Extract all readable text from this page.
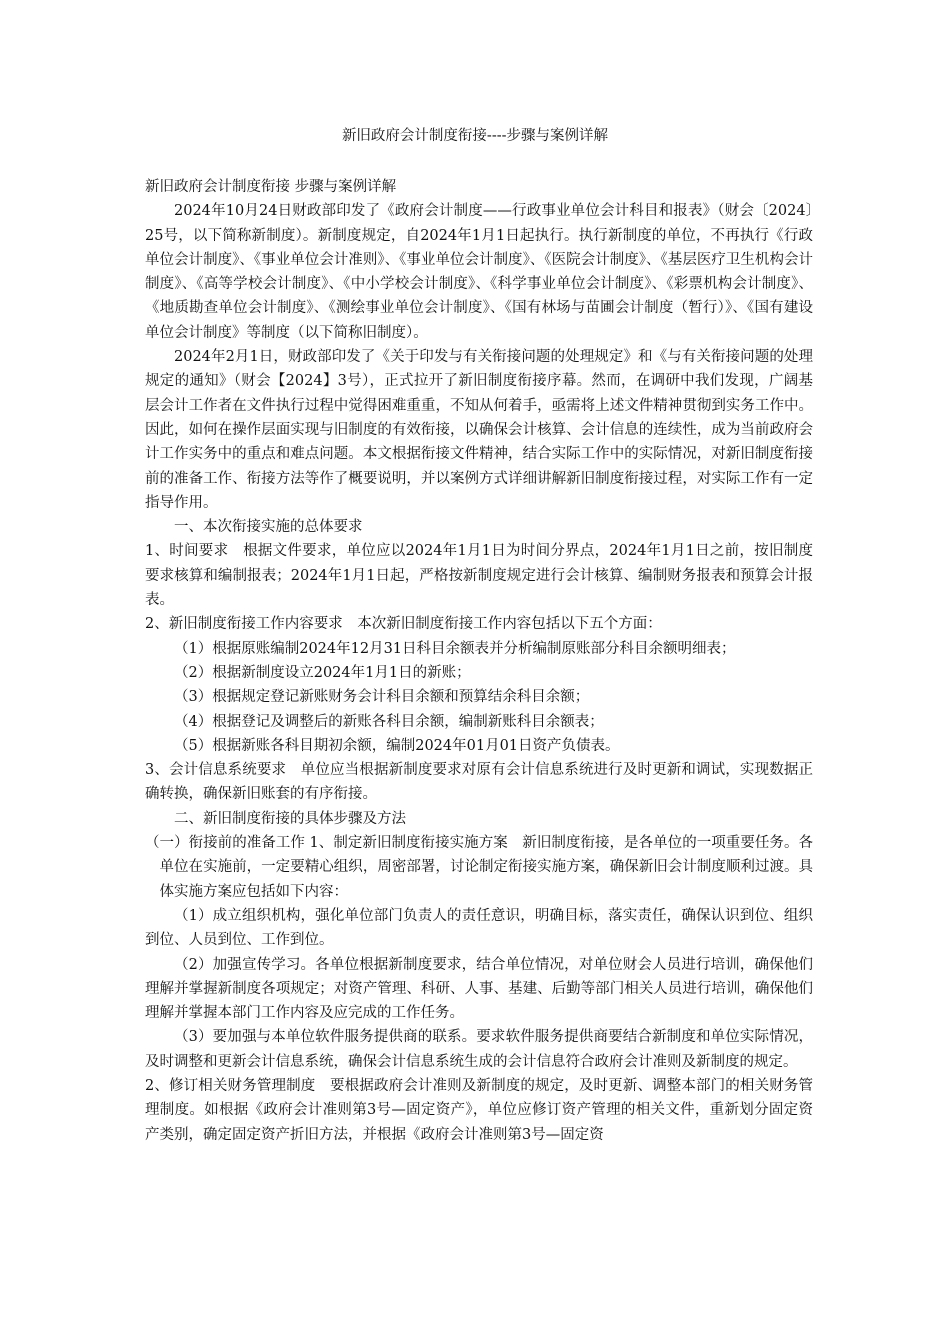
新旧政府会计制度衔接----步骤与案例详解

新旧政府会计制度衔接 步骤与案例详解

2024年10月24日财政部印发了《政府会计制度——行政事业单位会计科目和报表》（财会〔2024〕25号，以下简称新制度）。新制度规定，自2024年1月1日起执行。执行新制度的单位，不再执行《行政单位会计制度》、《事业单位会计准则》、《事业单位会计制度》、《医院会计制度》、《基层医疗卫生机构会计制度》、《高等学校会计制度》、《中小学校会计制度》、《科学事业单位会计制度》、《彩票机构会计制度》、《地质勘查单位会计制度》、《测绘事业单位会计制度》、《国有林场与苗圃会计制度（暂行）》、《国有建设单位会计制度》等制度（以下简称旧制度）。

2024年2月1日，财政部印发了《关于印发与有关衔接问题的处理规定》和《与有关衔接问题的处理规定的通知》（财会【2024】3号），正式拉开了新旧制度衔接序幕。然而，在调研中我们发现，广阔基层会计工作者在文件执行过程中觉得困难重重，不知从何着手，亟需将上述文件精神贯彻到实务工作中。因此，如何在操作层面实现与旧制度的有效衔接，以确保会计核算、会计信息的连续性，成为当前政府会计工作实务中的重点和难点问题。本文根据衔接文件精神，结合实际工作中的实际情况，对新旧制度衔接前的准备工作、衔接方法等作了概要说明，并以案例方式详细讲解新旧制度衔接过程，对实际工作有一定指导作用。

一、本次衔接实施的总体要求

1、时间要求　根据文件要求，单位应以2024年1月1日为时间分界点，2024年1月1日之前，按旧制度要求核算和编制报表；2024年1月1日起，严格按新制度规定进行会计核算、编制财务报表和预算会计报表。

2、新旧制度衔接工作内容要求　本次新旧制度衔接工作内容包括以下五个方面：

（1）根据原账编制2024年12月31日科目余额表并分析编制原账部分科目余额明细表；

（2）根据新制度设立2024年1月1日的新账；

（3）根据规定登记新账财务会计科目余额和预算结余科目余额；

（4）根据登记及调整后的新账各科目余额，编制新账科目余额表；

（5）根据新账各科目期初余额，编制2024年01月01日资产负债表。

3、会计信息系统要求　单位应当根据新制度要求对原有会计信息系统进行及时更新和调试，实现数据正确转换，确保新旧账套的有序衔接。

二、新旧制度衔接的具体步骤及方法

（一）衔接前的准备工作 1、制定新旧制度衔接实施方案　新旧制度衔接，是各单位的一项重要任务。各单位在实施前，一定要精心组织，周密部署，讨论制定衔接实施方案，确保新旧会计制度顺利过渡。具体实施方案应包括如下内容：

（1）成立组织机构，强化单位部门负责人的责任意识，明确目标，落实责任，确保认识到位、组织到位、人员到位、工作到位。

（2）加强宣传学习。各单位根据新制度要求，结合单位情况，对单位财会人员进行培训，确保他们理解并掌握新制度各项规定；对资产管理、科研、人事、基建、后勤等部门相关人员进行培训，确保他们理解并掌握本部门工作内容及应完成的工作任务。

（3）要加强与本单位软件服务提供商的联系。要求软件服务提供商要结合新制度和单位实际情况，及时调整和更新会计信息系统，确保会计信息系统生成的会计信息符合政府会计准则及新制度的规定。

2、修订相关财务管理制度　要根据政府会计准则及新制度的规定，及时更新、调整本部门的相关财务管理制度。如根据《政府会计准则第3号—固定资产》，单位应修订资产管理的相关文件，重新划分固定资产类别，确定固定资产折旧方法，并根据《政府会计准则第3号—固定资
